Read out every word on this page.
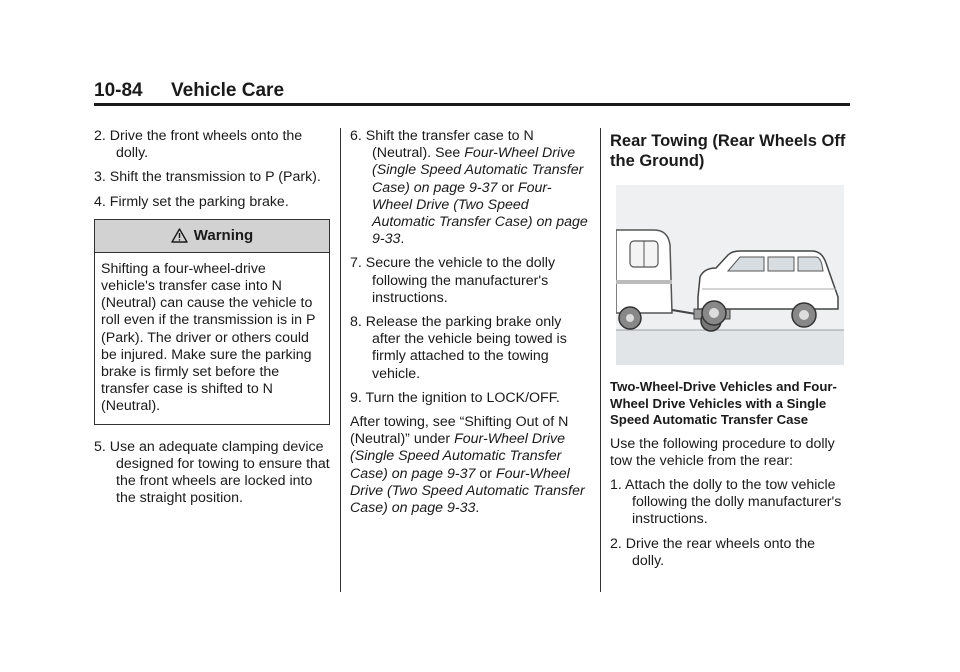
10-84 Vehicle Care

2. Drive the front wheels onto the dolly.

3. Shift the transmission to P (Park).

4. Firmly set the parking brake.

Warning
Shifting a four-wheel-drive vehicle's transfer case into N (Neutral) can cause the vehicle to roll even if the transmission is in P (Park). The driver or others could be injured. Make sure the parking brake is firmly set before the transfer case is shifted to N (Neutral).

5. Use an adequate clamping device designed for towing to ensure that the front wheels are locked into the straight position.

6. Shift the transfer case to N (Neutral). See Four-Wheel Drive (Single Speed Automatic Transfer Case) on page 9-37 or Four-Wheel Drive (Two Speed Automatic Transfer Case) on page 9-33.

7. Secure the vehicle to the dolly following the manufacturer's instructions.

8. Release the parking brake only after the vehicle being towed is firmly attached to the towing vehicle.

9. Turn the ignition to LOCK/OFF.

After towing, see “Shifting Out of N (Neutral)” under Four-Wheel Drive (Single Speed Automatic Transfer Case) on page 9-37 or Four-Wheel Drive (Two Speed Automatic Transfer Case) on page 9-33.

Rear Towing (Rear Wheels Off the Ground)

Two-Wheel-Drive Vehicles and Four-Wheel Drive Vehicles with a Single Speed Automatic Transfer Case

Use the following procedure to dolly tow the vehicle from the rear:

1. Attach the dolly to the tow vehicle following the dolly manufacturer's instructions.

2. Drive the rear wheels onto the dolly.
